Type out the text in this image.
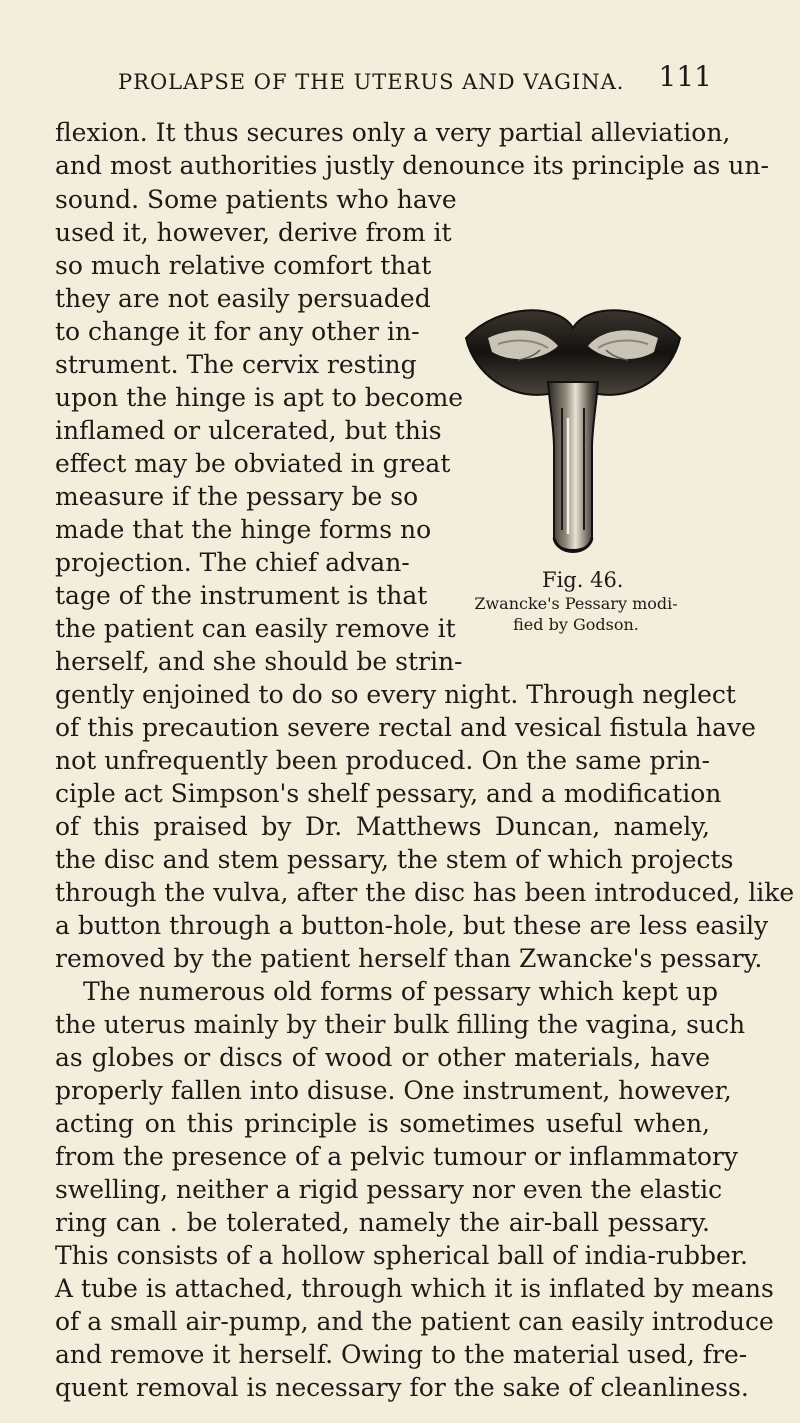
PROLAPSE OF THE UTERUS AND VAGINA. 111
flexion. It thus secures only a very partial alleviation,
and most authorities justly denounce its principle as un-
sound. Some patients who have
used it, however, derive from it
so much relative comfort that
they are not easily persuaded
to change it for any other in-
strument. The cervix resting
upon the hinge is apt to become
inflamed or ulcerated, but this
effect may be obviated in great
measure if the pessary be so
made that the hinge forms no
projection. The chief advan-
tage of the instrument is that
the patient can easily remove it
herself, and she should be strin-
gently enjoined to do so every night. Through neglect
of this precaution severe rectal and vesical fistula have
not unfrequently been produced. On the same prin-
ciple act Simpson's shelf pessary, and a modification
of this praised by Dr. Matthews Duncan, namely,
the disc and stem pessary, the stem of which projects
through the vulva, after the disc has been introduced, like
a button through a button-hole, but these are less easily
removed by the patient herself than Zwancke's pessary.
The numerous old forms of pessary which kept up
the uterus mainly by their bulk filling the vagina, such
as globes or discs of wood or other materials, have
properly fallen into disuse. One instrument, however,
acting on this principle is sometimes useful when,
from the presence of a pelvic tumour or inflammatory
swelling, neither a rigid pessary nor even the elastic
ring can . be tolerated, namely the air-ball pessary.
This consists of a hollow spherical ball of india-rubber.
A tube is attached, through which it is inflated by means
of a small air-pump, and the patient can easily introduce
and remove it herself. Owing to the material used, fre-
quent removal is necessary for the sake of cleanliness.
Fig. 46.
Zwancke's Pessary modi-
fied by Godson.
